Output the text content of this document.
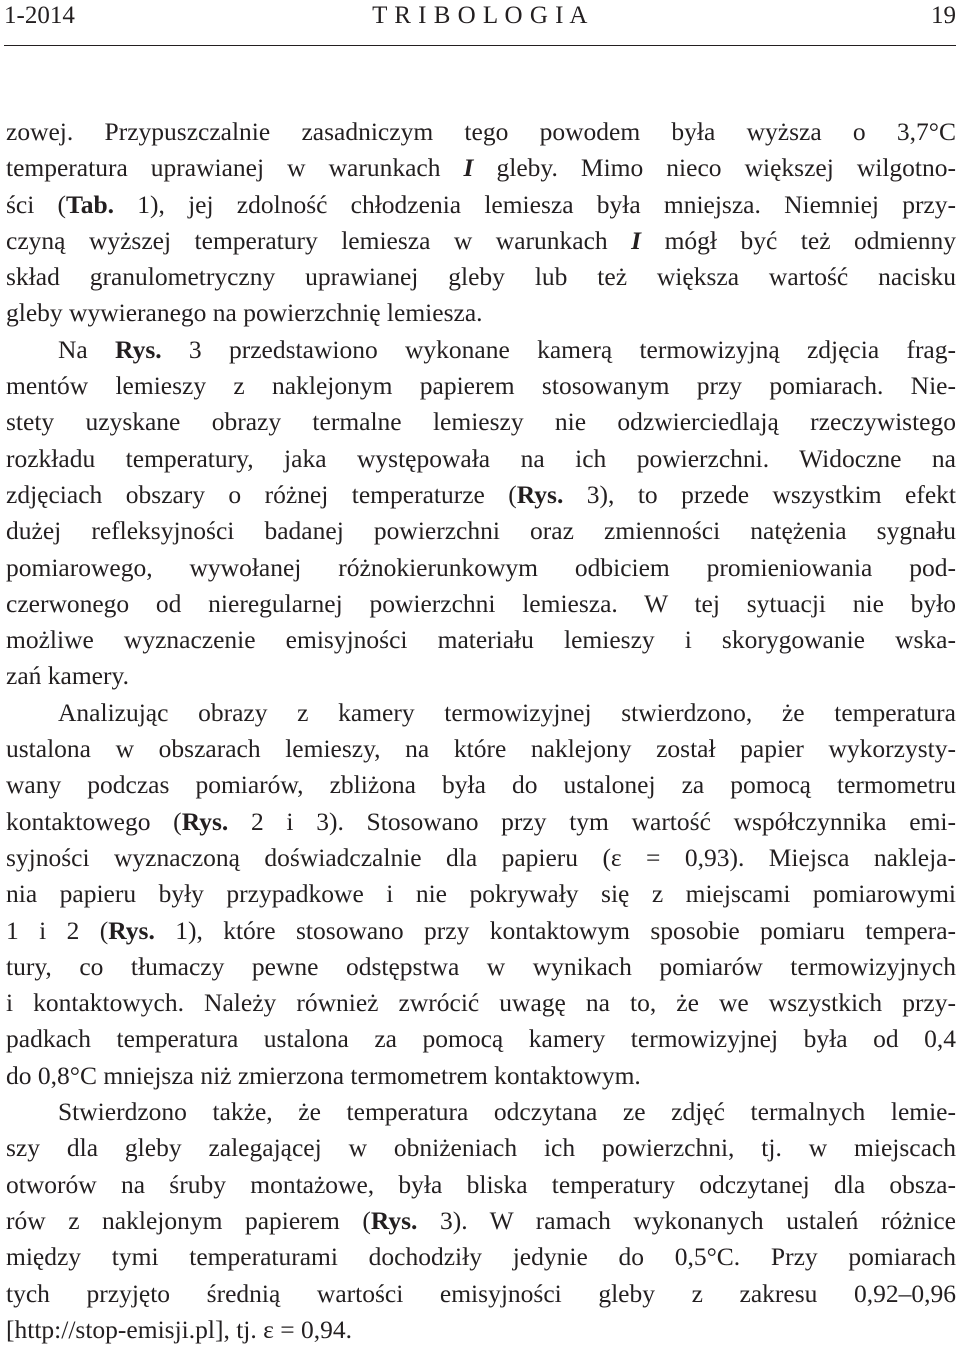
1-2014	T R I B O L O G I A	19
zowej. Przypuszczalnie zasadniczym tego powodem była wyższa o 3,7°C
temperatura uprawianej w warunkach I gleby. Mimo nieco większej wilgotno-
ści (Tab. 1), jej zdolność chłodzenia lemiesza była mniejsza. Niemniej przy-
czyną wyższej temperatury lemiesza w warunkach I mógł być też odmienny
skład granulometryczny uprawianej gleby lub też większa wartość nacisku
gleby wywieranego na powierzchnię lemiesza.
Na Rys. 3 przedstawiono wykonane kamerą termowizyjną zdjęcia frag-
mentów lemieszy z naklejonym papierem stosowanym przy pomiarach. Nie-
stety uzyskane obrazy termalne lemieszy nie odzwierciedlają rzeczywistego
rozkładu temperatury, jaka występowała na ich powierzchni. Widoczne na
zdjęciach obszary o różnej temperaturze (Rys. 3), to przede wszystkim efekt
dużej refleksyjności badanej powierzchni oraz zmienności natężenia sygnału
pomiarowego, wywołanej różnokierunkowym odbiciem promieniowania pod-
czerwonego od nieregularnej powierzchni lemiesza. W tej sytuacji nie było
możliwe wyznaczenie emisyjności materiału lemieszy i skorygowanie wska-
zań kamery.
Analizując obrazy z kamery termowizyjnej stwierdzono, że temperatura
ustalona w obszarach lemieszy, na które naklejony został papier wykorzysty-
wany podczas pomiarów, zbliżona była do ustalonej za pomocą termometru
kontaktowego (Rys. 2 i 3). Stosowano przy tym wartość współczynnika emi-
syjności wyznaczoną doświadczalnie dla papieru (ε = 0,93). Miejsca nakleja-
nia papieru były przypadkowe i nie pokrywały się z miejscami pomiarowymi
1 i 2 (Rys. 1), które stosowano przy kontaktowym sposobie pomiaru tempera-
tury, co tłumaczy pewne odstępstwa w wynikach pomiarów termowizyjnych
i kontaktowych. Należy również zwrócić uwagę na to, że we wszystkich przy-
padkach temperatura ustalona za pomocą kamery termowizyjnej była od 0,4
do 0,8°C mniejsza niż zmierzona termometrem kontaktowym.
Stwierdzono także, że temperatura odczytana ze zdjęć termalnych lemie-
szy dla gleby zalegającej w obniżeniach ich powierzchni, tj. w miejscach
otworów na śruby montażowe, była bliska temperatury odczytanej dla obsza-
rów z naklejonym papierem (Rys. 3). W ramach wykonanych ustaleń różnice
między tymi temperaturami dochodziły jedynie do 0,5°C. Przy pomiarach
tych przyjęto średnią wartości emisyjności gleby z zakresu 0,92–0,96
[http://stop-emisji.pl], tj. ε = 0,94.
